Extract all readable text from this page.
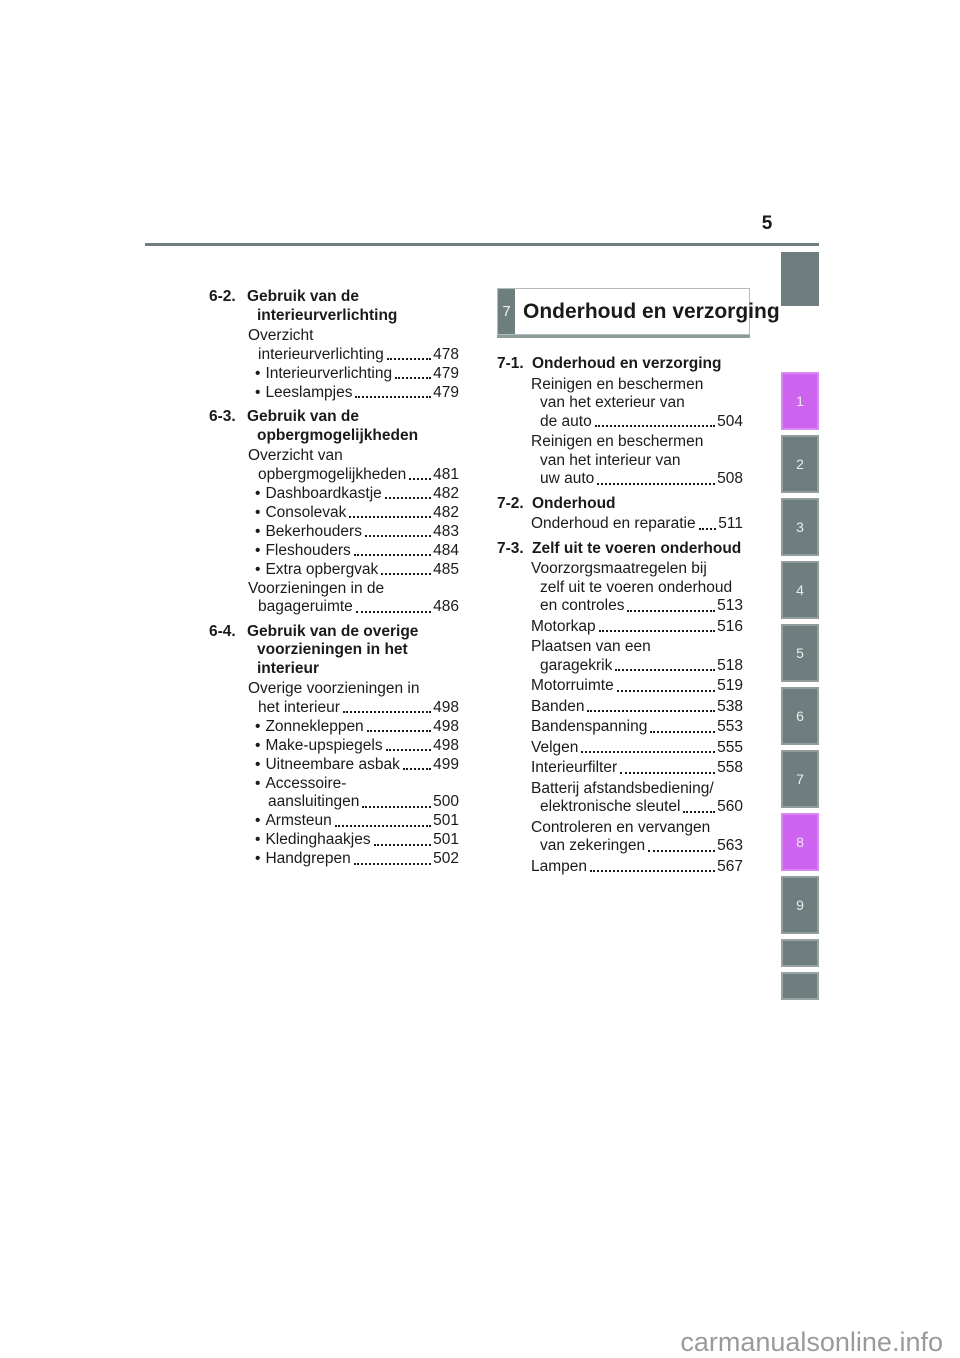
5
7 Onderhoud en verzorging
6-2. Gebruik van de
interieurverlichting
Overzicht
interieurverlichting	478
• Interieurverlichting	479
• Leeslampjes	479
6-3. Gebruik van de
opbergmogelijkheden
Overzicht van
opbergmogelijkheden 481
• Dashboardkastje	482
• Consolevak	482
• Bekerhouders	483
• Fleshouders	484
• Extra opbergvak	485
Voorzieningen in de
bagageruimte	486
6-4. Gebruik van de overige
voorzieningen in het
interieur
Overige voorzieningen in
het interieur	498
• Zonnekleppen	498
• Make-upspiegels	498
• Uitneembare asbak 499
• Accessoire-
aansluitingen	500
• Armsteun	501
• Kledinghaakjes	501
• Handgrepen	502
7-1. Onderhoud en verzorging
Reinigen en beschermen
van het exterieur van
de auto	504
Reinigen en beschermen
van het interieur van
uw auto	508
7-2. Onderhoud
Onderhoud en reparatie 511
7-3. Zelf uit te voeren onderhoud
Voorzorgsmaatregelen bij
zelf uit te voeren onderhoud
en controles	513
Motorkap	516
Plaatsen van een
garagekrik	518
Motorruimte	519
Banden	538
Bandenspanning	553
Velgen	555
Interieurfilter	558
Batterij afstandsbediening/
elektronische sleutel 560
Controleren en vervangen
van zekeringen	563
Lampen	567
1
2
3
4
5
6
7
8
9
carmanualsonline.info
